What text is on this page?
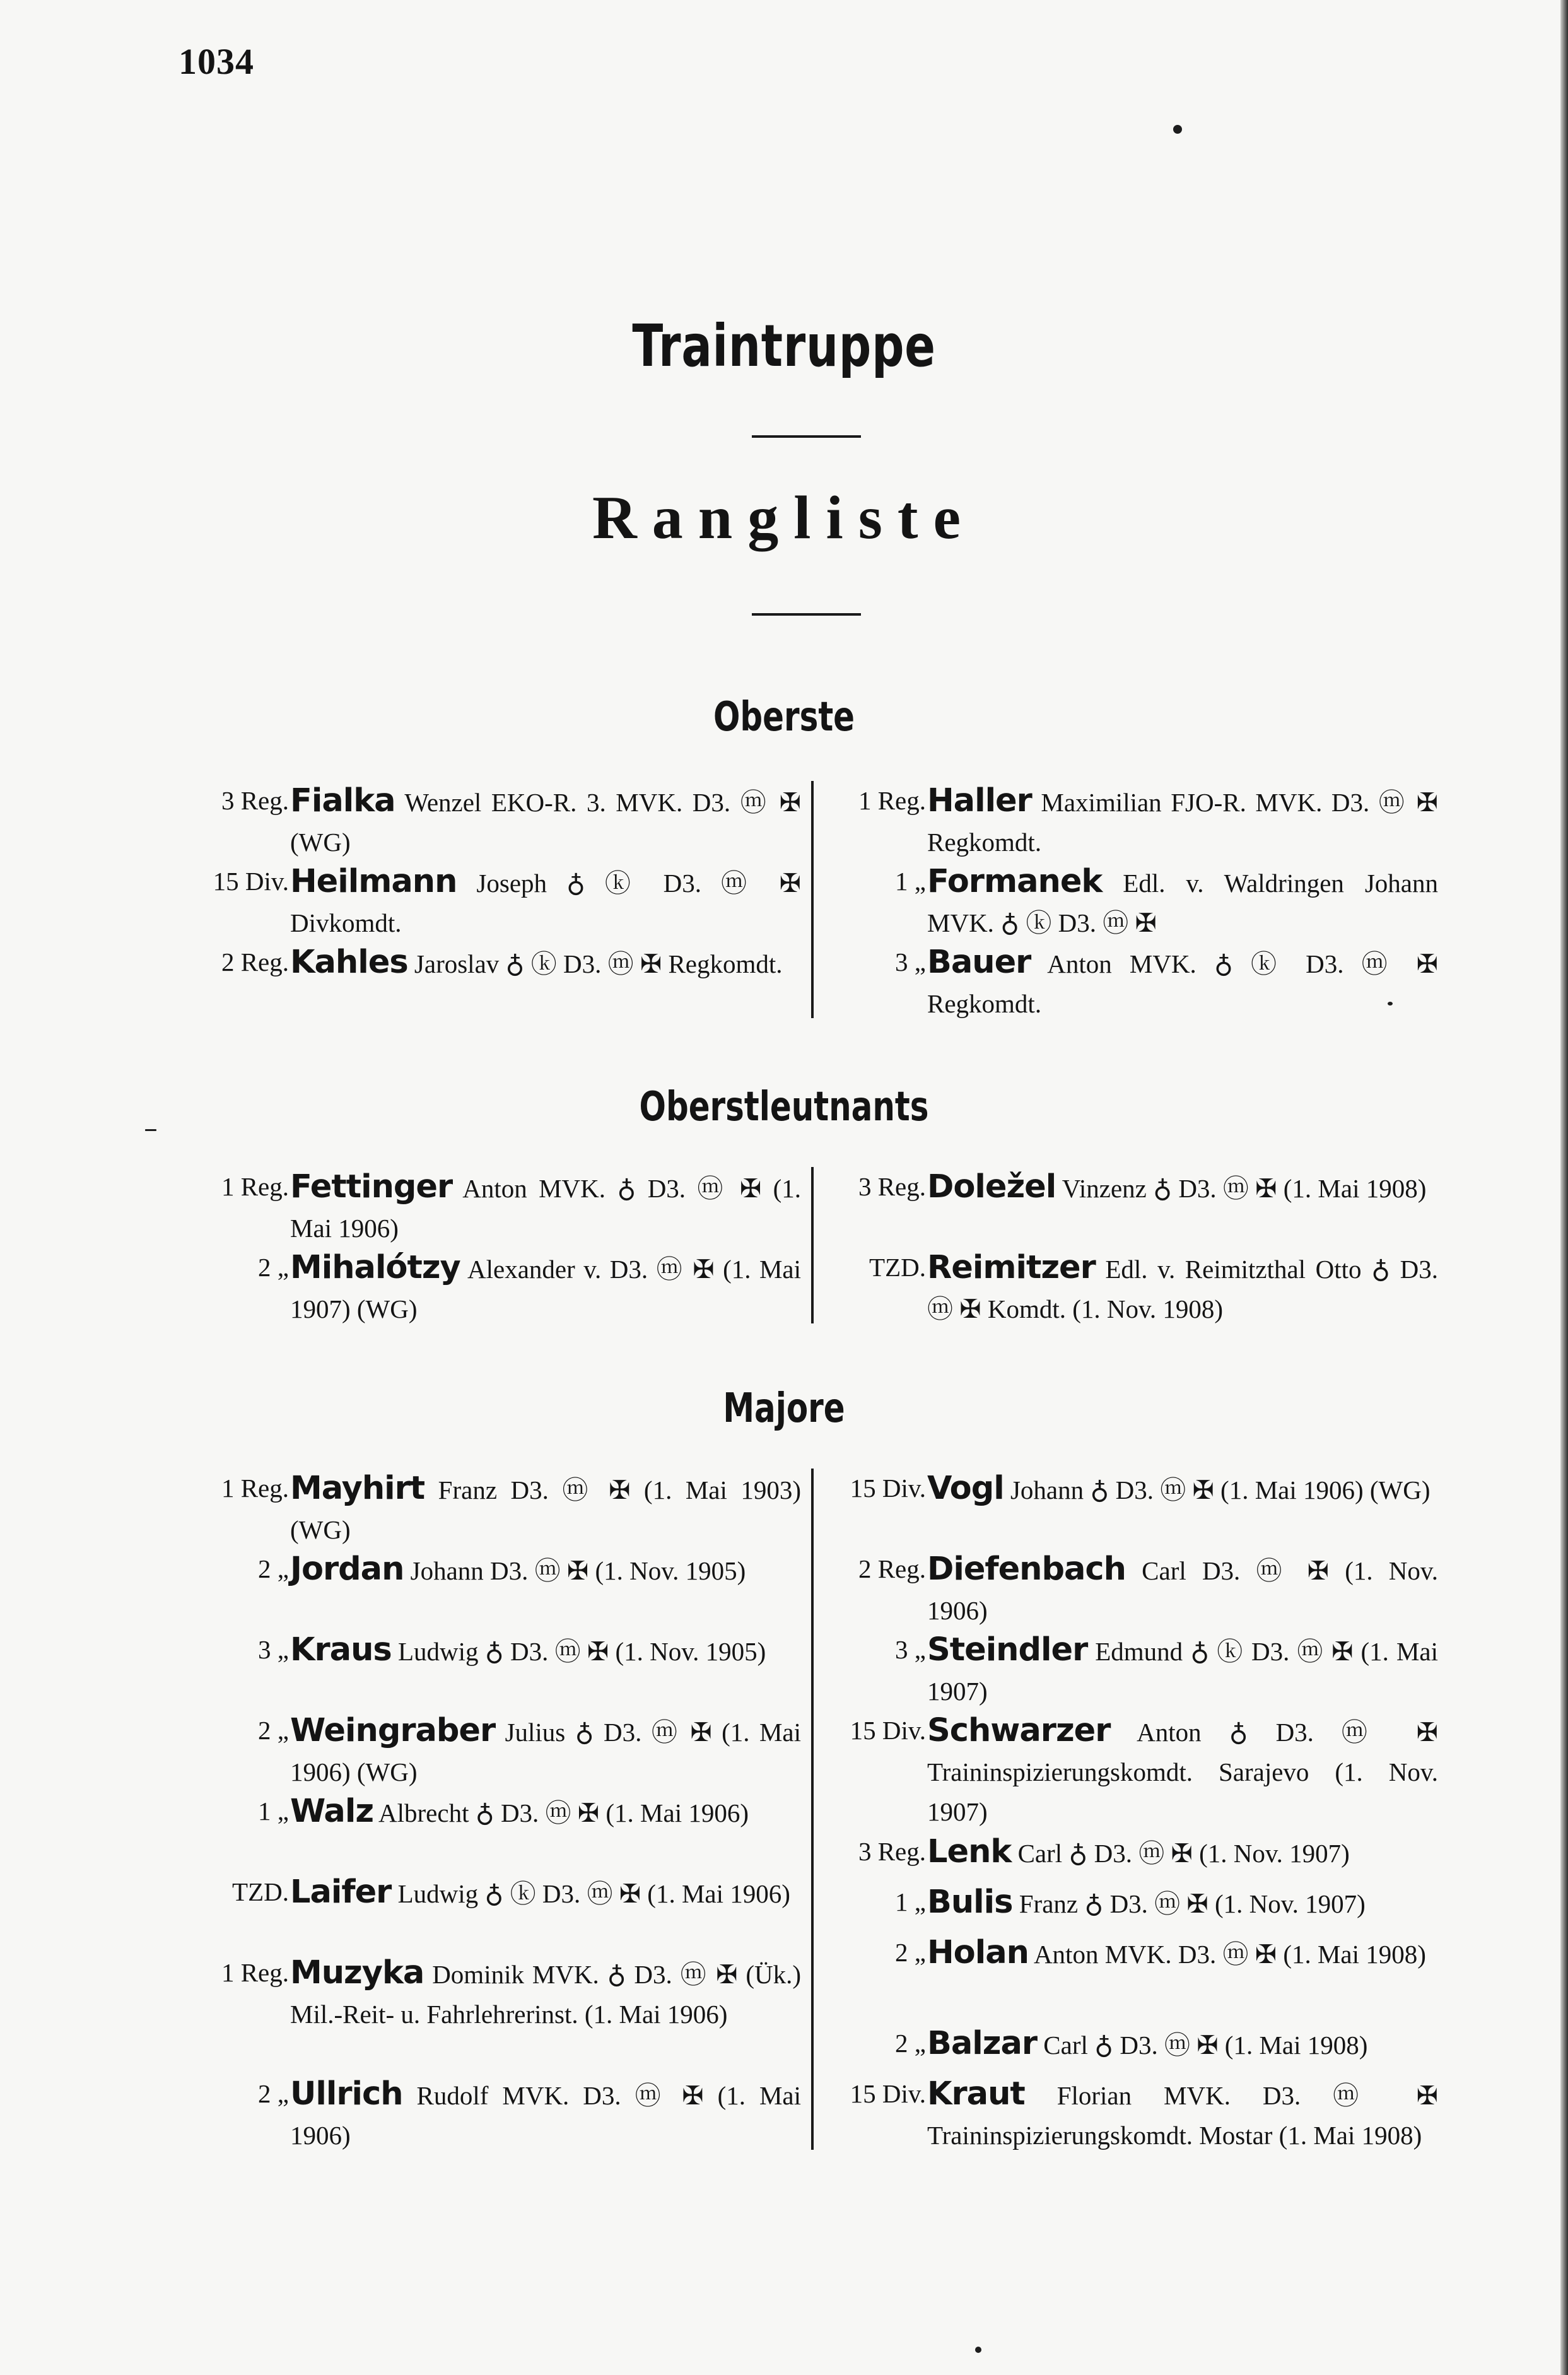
1034
Traintruppe
Rangliste
Oberste
3 Reg. Fialka Wenzel EKO-R. 3. MVK. D3. ⓜ ✠ (WG)
15 Div. Heilmann Joseph ♁ ⓚ D3. ⓜ ✠ Divkomdt.
2 Reg. Kahles Jaroslav ♁ ⓚ D3. ⓜ ✠ Regkomdt.
1 Reg. Haller Maximilian FJO-R. MVK. D3. ⓜ ✠ Regkomdt.
1 „ Formanek Edl. v. Waldringen Johann MVK. ♁ ⓚ D3. ⓜ ✠
3 „ Bauer Anton MVK. ♁ ⓚ D3. ⓜ ✠ Regkomdt.
Oberstleutnants
1 Reg. Fettinger Anton MVK. ♁ D3. ⓜ ✠ (1. Mai 1906)
2 „ Mihalótzy Alexander v. D3. ⓜ ✠ (1. Mai 1907) (WG)
3 Reg. Doležel Vinzenz ♁ D3. ⓜ ✠ (1. Mai 1908)
TZD. Reimitzer Edl. v. Reimitzthal Otto ♁ D3. ⓜ ✠ Komdt. (1. Nov. 1908)
Majore
1 Reg. Mayhirt Franz D3. ⓜ ✠ (1. Mai 1903) (WG)
2 „ Jordan Johann D3. ⓜ ✠ (1. Nov. 1905)
3 „ Kraus Ludwig ♁ D3. ⓜ ✠ (1. Nov. 1905)
2 „ Weingraber Julius ♁ D3. ⓜ ✠ (1. Mai 1906) (WG)
1 „ Walz Albrecht ♁ D3. ⓜ ✠ (1. Mai 1906)
TZD. Laifer Ludwig ♁ ⓚ D3. ⓜ ✠ (1. Mai 1906)
1 Reg. Muzyka Dominik MVK. ♁ D3. ⓜ ✠ (Ük.) Mil.-Reit- u. Fahrlehrerinst. (1. Mai 1906)
2 „ Ullrich Rudolf MVK. D3. ⓜ ✠ (1. Mai 1906)
15 Div. Vogl Johann ♁ D3. ⓜ ✠ (1. Mai 1906) (WG)
2 Reg. Diefenbach Carl D3. ⓜ ✠ (1. Nov. 1906)
3 „ Steindler Edmund ♁ ⓚ D3. ⓜ ✠ (1. Mai 1907)
15 Div. Schwarzer Anton ♁ D3. ⓜ ✠ Traininspizierungskomdt. Sarajevo (1. Nov. 1907)
3 Reg. Lenk Carl ♁ D3. ⓜ ✠ (1. Nov. 1907)
1 „ Bulis Franz ♁ D3. ⓜ ✠ (1. Nov. 1907)
2 „ Holan Anton MVK. D3. ⓜ ✠ (1. Mai 1908)
2 „ Balzar Carl ♁ D3. ⓜ ✠ (1. Mai 1908)
15 Div. Kraut Florian MVK. D3. ⓜ ✠ Traininspizierungskomdt. Mostar (1. Mai 1908)
